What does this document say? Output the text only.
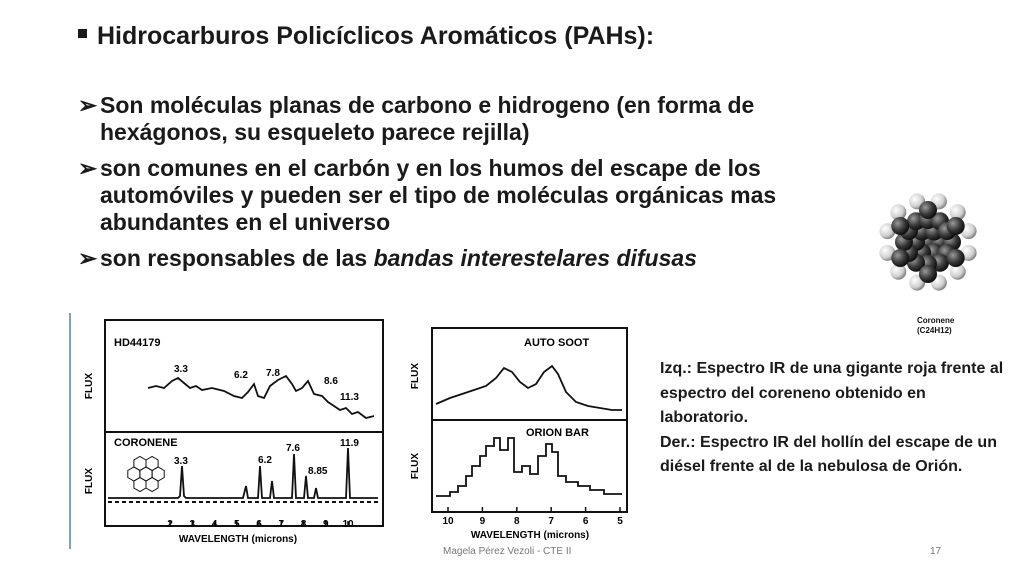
Hidrocarburos Policíclicos Aromáticos (PAHs):
➢ Son moléculas planas de carbono e hidrogeno (en forma de hexágonos, su esqueleto parece rejilla)
➢ son comunes en el carbón y en los humos del escape de los automóviles y pueden ser el tipo de moléculas orgánicas mas abundantes en el universo
➢ son responsables de las bandas interestelares difusas
Coronene
(C24H12)
FLUX
FLUX
HD44179
CORONENE
3.3
6.2 7.8
8.6
11.3
3.3	6.2
7.6
8.85
11.9
2 3 4 5 6 7 8 9 10
WAVELENGTH (microns)
FLUX
FLUX
AUTO SOOT
ORION BAR
10	9	8	7	6	5
WAVELENGTH (microns)
Izq.: Espectro IR de una gigante roja frente al espectro del coreneno obtenido en laboratorio.
Der.: Espectro IR del hollín del escape de un diésel frente al de la nebulosa de Orión.
Magela Pérez Vezoli - CTE II	17
